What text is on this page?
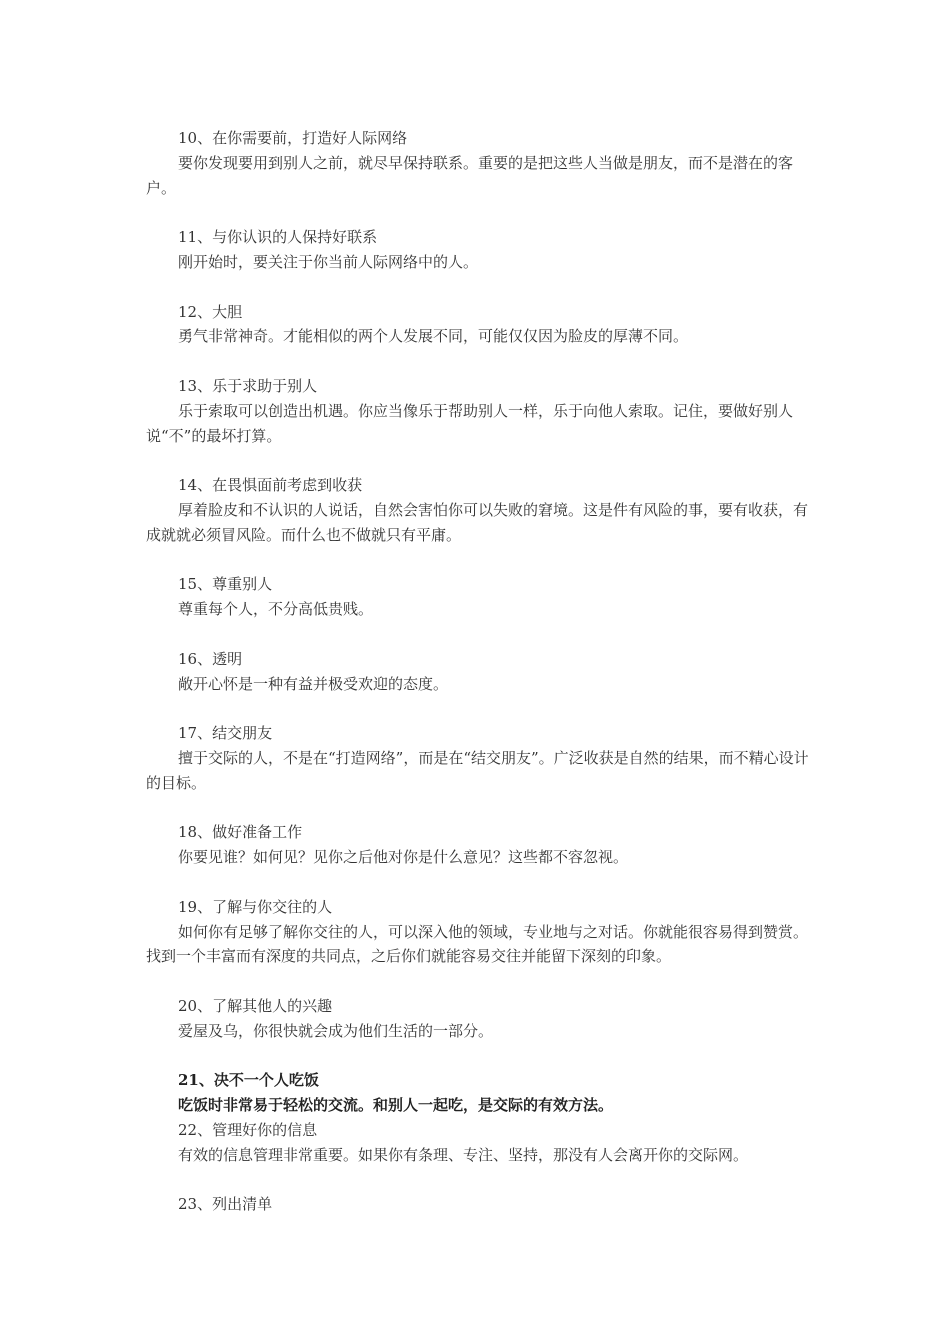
10、在你需要前，打造好人际网络
要你发现要用到别人之前，就尽早保持联系。重要的是把这些人当做是朋友，而不是潜在的客户。
11、与你认识的人保持好联系
刚开始时，要关注于你当前人际网络中的人。
12、大胆
勇气非常神奇。才能相似的两个人发展不同，可能仅仅因为脸皮的厚薄不同。
13、乐于求助于别人
乐于索取可以创造出机遇。你应当像乐于帮助别人一样，乐于向他人索取。记住，要做好别人说“不”的最坏打算。
14、在畏惧面前考虑到收获
厚着脸皮和不认识的人说话，自然会害怕你可以失败的窘境。这是件有风险的事，要有收获，有成就就必须冒风险。而什么也不做就只有平庸。
15、尊重别人
尊重每个人，不分高低贵贱。
16、透明
敞开心怀是一种有益并极受欢迎的态度。
17、结交朋友
擅于交际的人，不是在“打造网络”，而是在“结交朋友”。广泛收获是自然的结果，而不精心设计的目标。
18、做好准备工作
你要见谁？如何见？见你之后他对你是什么意见？这些都不容忽视。
19、了解与你交往的人
如何你有足够了解你交往的人，可以深入他的领域，专业地与之对话。你就能很容易得到赞赏。找到一个丰富而有深度的共同点，之后你们就能容易交往并能留下深刻的印象。
20、了解其他人的兴趣
爱屋及乌，你很快就会成为他们生活的一部分。
21、决不一个人吃饭
吃饭时非常易于轻松的交流。和别人一起吃，是交际的有效方法。
22、管理好你的信息
有效的信息管理非常重要。如果你有条理、专注、坚持，那没有人会离开你的交际网。
23、列出清单
